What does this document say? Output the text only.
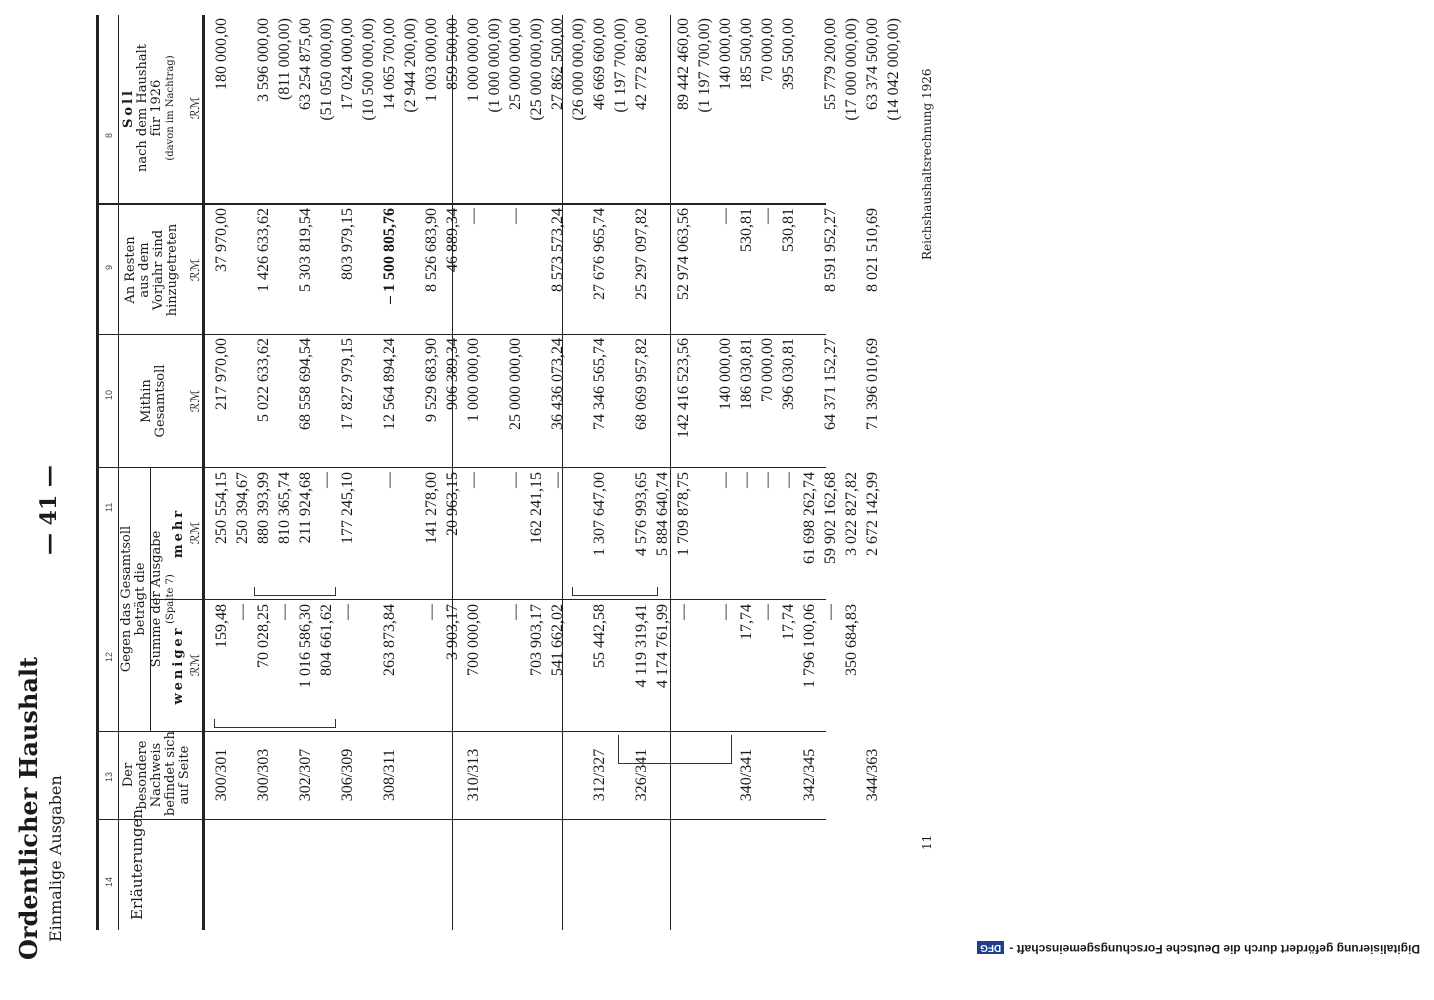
Ordentlicher Haushalt Einmalige Ausgaben
— 41 —
14
13
12
11
10
9
8
Erläuterungen
Der besondere Nachweis befindet sich auf Seite
Gegen das Gesamtsoll beträgt die Summe der Ausgabe (Spalte 7)
weniger ℛℳ
mehr ℛℳ
Mithin Gesamtsoll ℛℳ
An Resten aus dem Vorjahr sind hinzugetreten ℛℳ
Soll nach dem Haushalt für 1926 (davon im Nachtrag) ℛℳ
300/301
159,48
250 554,15
217 970,00
37 970,00
180 000,00
—
250 394,67
300/303
70 028,25
880 393,99
5 022 633,62
1 426 633,62
3 596 000,00
—
810 365,74
(811 000,00)
302/307
1 016 586,30
211 924,68
68 558 694,54
5 303 819,54
63 254 875,00
804 661,62
—
(51 050 000,00)
306/309
—
177 245,10
17 827 979,15
803 979,15
17 024 000,00 (10 500 000,00)
308/311
263 873,84
—
12 564 894,24
– 1 500 805,76
14 065 700,00 (2 944 200,00)
—
141 278,00
9 529 683,90
8 526 683,90
1 003 000,00
3 903,17
20 963,15
906 389,34
46 889,34
859 500,00
310/313
700 000,00
—
1 000 000,00
—
1 000 000,00 (1 000 000,00)
—
—
25 000 000,00
—
25 000 000,00
703 903,17
162 241,15
(25 000 000,00)
541 662,02
—
36 436 073,24
8 573 573,24
27 862 500,00 (26 000 000,00)
312/327
55 442,58
1 307 647,00
74 346 565,74
27 676 965,74
46 669 600,00 (1 197 700,00)
326/341
4 119 319,41
4 576 993,65
68 069 957,82
25 297 097,82
42 772 860,00
4 174 761,99
5 884 640,74
—
1 709 878,75
142 416 523,56
52 974 063,56
89 442 460,00 (1 197 700,00)
—
—
140 000,00
—
140 000,00
340/341
17,74
—
186 030,81
530,81
185 500,00
—
—
70 000,00
—
70 000,00
17,74
—
396 030,81
530,81
395 500,00
342/345
1 796 100,06
61 698 262,74
—
59 902 162,68
64 371 152,27
8 591 952,27
55 779 200,00
350 684,83
3 022 827,82
(17 000 000,00)
344/363
2 672 142,99
71 396 010,69
8 021 510,69
63 374 500,00 (14 042 000,00) Reichshaushaltsrechnung 1926
11
Digitalisierung gefördert durch die Deutsche Forschungsgemeinschaft - DFG
